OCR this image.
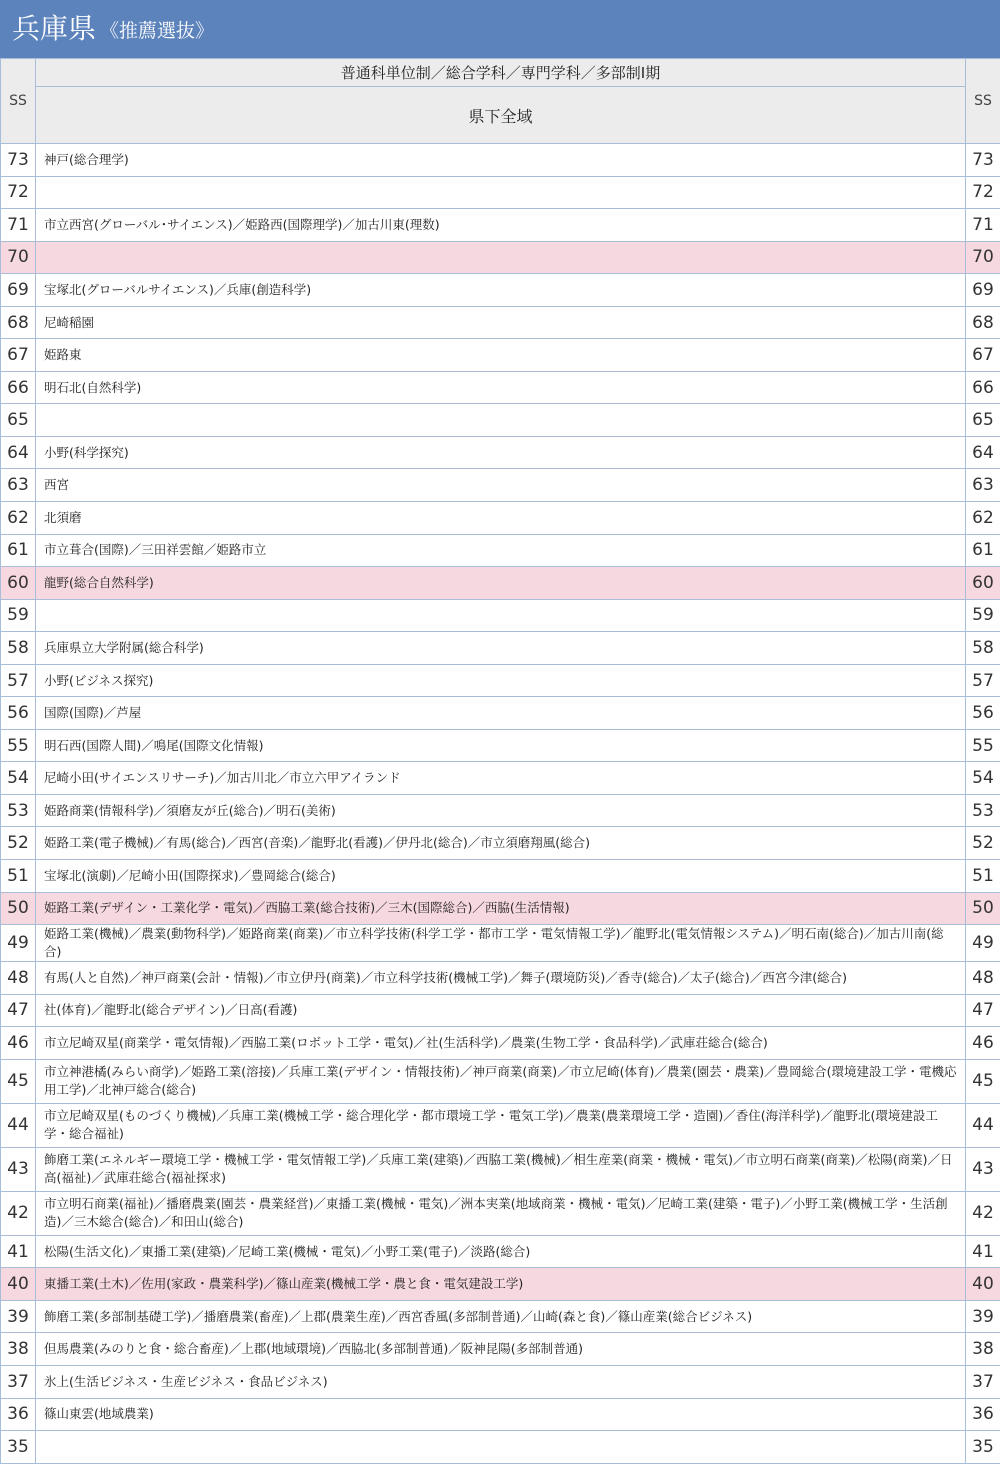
兵庫県 《推薦選抜》
SS	普通科単位制／総合学科／専門学科／多部制Ⅰ期	SS
	県下全域	
73	神戸(総合理学)	73
72		72
71	市立西宮(グローバル･サイエンス)／姫路西(国際理学)／加古川東(理数)	71
70		70
69	宝塚北(グローバルサイエンス)／兵庫(創造科学)	69
68	尼崎稲園	68
67	姫路東	67
66	明石北(自然科学)	66
65		65
64	小野(科学探究)	64
63	西宮	63
62	北須磨	62
61	市立葺合(国際)／三田祥雲館／姫路市立	61
60	龍野(総合自然科学)	60
59		59
58	兵庫県立大学附属(総合科学)	58
57	小野(ビジネス探究)	57
56	国際(国際)／芦屋	56
55	明石西(国際人間)／鳴尾(国際文化情報)	55
54	尼崎小田(サイエンスリサーチ)／加古川北／市立六甲アイランド	54
53	姫路商業(情報科学)／須磨友が丘(総合)／明石(美術)	53
52	姫路工業(電子機械)／有馬(総合)／西宮(音楽)／龍野北(看護)／伊丹北(総合)／市立須磨翔風(総合)	52
51	宝塚北(演劇)／尼崎小田(国際探求)／豊岡総合(総合)	51
50	姫路工業(デザイン・工業化学・電気)／西脇工業(総合技術)／三木(国際総合)／西脇(生活情報)	50
49	姫路工業(機械)／農業(動物科学)／姫路商業(商業)／市立科学技術(科学工学・都市工学・電気情報工学)／龍野北(電気情報システム)／明石南(総合)／加古川南(総合)	49
48	有馬(人と自然)／神戸商業(会計・情報)／市立伊丹(商業)／市立科学技術(機械工学)／舞子(環境防災)／香寺(総合)／太子(総合)／西宮今津(総合)	48
47	社(体育)／龍野北(総合デザイン)／日高(看護)	47
46	市立尼崎双星(商業学・電気情報)／西脇工業(ロボット工学・電気)／社(生活科学)／農業(生物工学・食品科学)／武庫荘総合(総合)	46
45	市立神港橘(みらい商学)／姫路工業(溶接)／兵庫工業(デザイン・情報技術)／神戸商業(商業)／市立尼崎(体育)／農業(園芸・農業)／豊岡総合(環境建設工学・電機応用工学)／北神戸総合(総合)	45
44	市立尼崎双星(ものづくり機械)／兵庫工業(機械工学・総合理化学・都市環境工学・電気工学)／農業(農業環境工学・造園)／香住(海洋科学)／龍野北(環境建設工学・総合福祉)	44
43	飾磨工業(エネルギー環境工学・機械工学・電気情報工学)／兵庫工業(建築)／西脇工業(機械)／相生産業(商業・機械・電気)／市立明石商業(商業)／松陽(商業)／日高(福祉)／武庫荘総合(福祉探求)	43
42	市立明石商業(福祉)／播磨農業(園芸・農業経営)／東播工業(機械・電気)／洲本実業(地域商業・機械・電気)／尼崎工業(建築・電子)／小野工業(機械工学・生活創造)／三木総合(総合)／和田山(総合)	42
41	松陽(生活文化)／東播工業(建築)／尼崎工業(機械・電気)／小野工業(電子)／淡路(総合)	41
40	東播工業(土木)／佐用(家政・農業科学)／篠山産業(機械工学・農と食・電気建設工学)	40
39	飾磨工業(多部制基礎工学)／播磨農業(畜産)／上郡(農業生産)／西宮香風(多部制普通)／山崎(森と食)／篠山産業(総合ビジネス)	39
38	但馬農業(みのりと食・総合畜産)／上郡(地域環境)／西脇北(多部制普通)／阪神昆陽(多部制普通)	38
37	氷上(生活ビジネス・生産ビジネス・食品ビジネス)	37
36	篠山東雲(地域農業)	36
35		35
